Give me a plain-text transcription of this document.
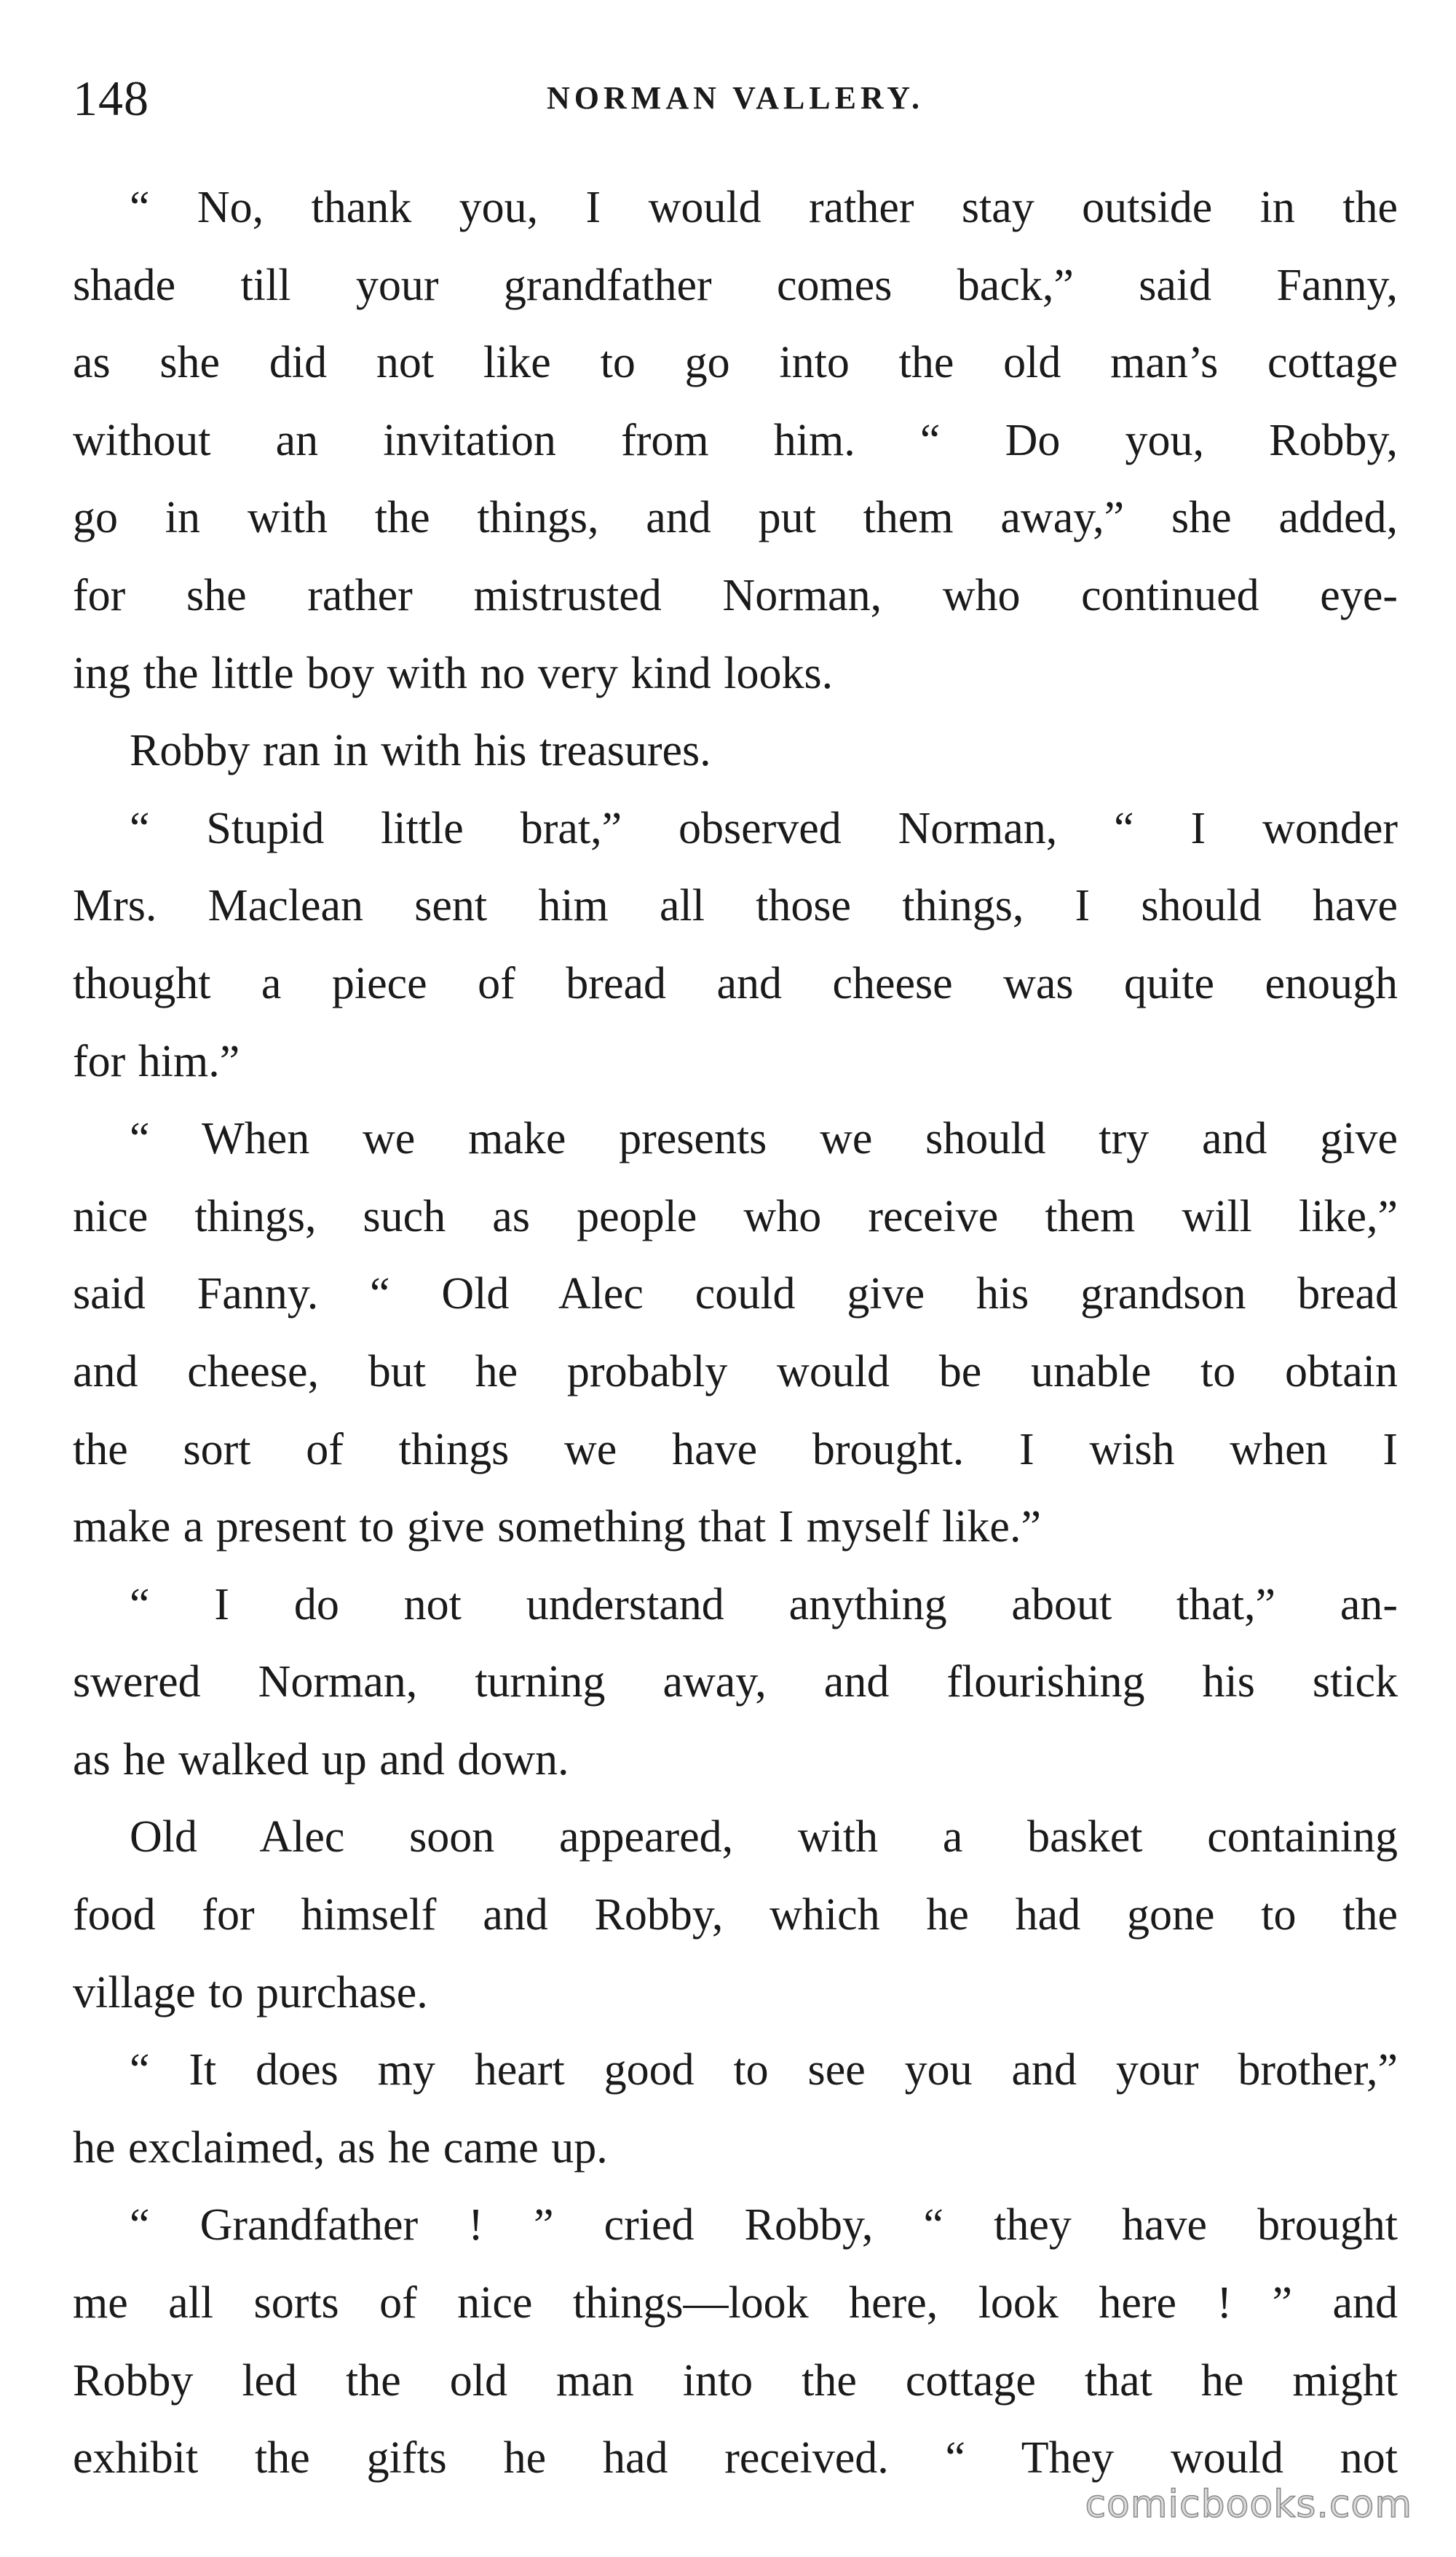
148	NORMAN VALLERY.
“ No, thank you, I would rather stay outside in the
shade till your grandfather comes back,” said Fanny,
as she did not like to go into the old man’s cottage
without an invitation from him. “ Do you, Robby,
go in with the things, and put them away,” she added,
for she rather mistrusted Norman, who continued eye-
ing the little boy with no very kind looks.
Robby ran in with his treasures.
“ Stupid little brat,” observed Norman, “ I wonder
Mrs. Maclean sent him all those things, I should have
thought a piece of bread and cheese was quite enough
for him.”
“ When we make presents we should try and give
nice things, such as people who receive them will like,”
said Fanny. “ Old Alec could give his grandson bread
and cheese, but he probably would be unable to obtain
the sort of things we have brought. I wish when I
make a present to give something that I myself like.”
“ I do not understand anything about that,” an-
swered Norman, turning away, and flourishing his stick
as he walked up and down.
Old Alec soon appeared, with a basket containing
food for himself and Robby, which he had gone to the
village to purchase.
“ It does my heart good to see you and your brother,”
he exclaimed, as he came up.
“ Grandfather ! ” cried Robby, “ they have brought
me all sorts of nice things—look here, look here ! ” and
Robby led the old man into the cottage that he might
exhibit the gifts he had received. “ They would not
comicbooks.com
